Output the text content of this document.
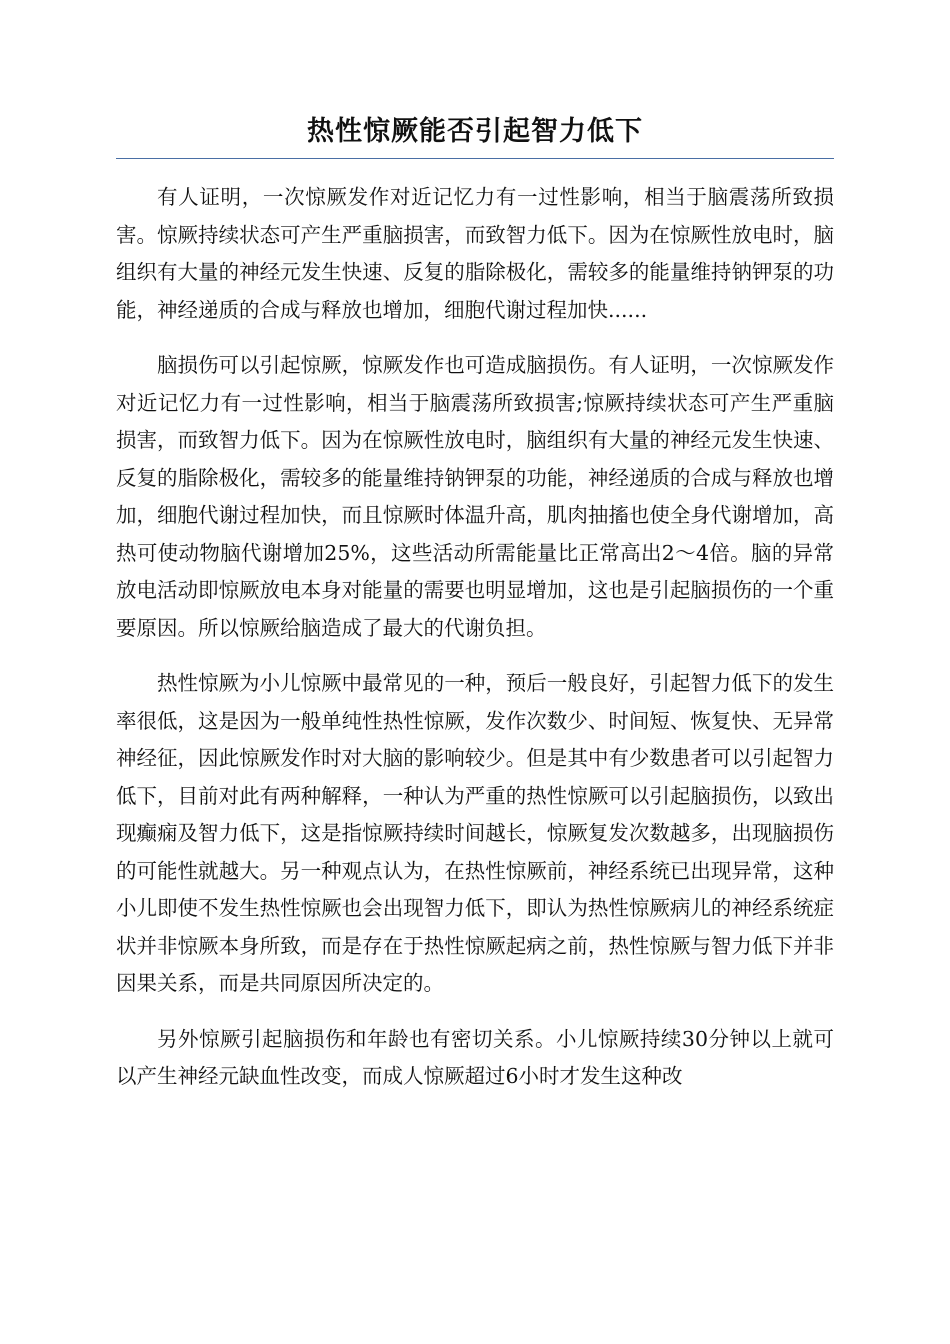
热性惊厥能否引起智力低下

有人证明，一次惊厥发作对近记忆力有一过性影响，相当于脑震荡所致损害。惊厥持续状态可产生严重脑损害，而致智力低下。因为在惊厥性放电时，脑组织有大量的神经元发生快速、反复的脂除极化，需较多的能量维持钠钾泵的功能，神经递质的合成与释放也增加，细胞代谢过程加快......

脑损伤可以引起惊厥，惊厥发作也可造成脑损伤。有人证明，一次惊厥发作对近记忆力有一过性影响，相当于脑震荡所致损害;惊厥持续状态可产生严重脑损害，而致智力低下。因为在惊厥性放电时，脑组织有大量的神经元发生快速、反复的脂除极化，需较多的能量维持钠钾泵的功能，神经递质的合成与释放也增加，细胞代谢过程加快，而且惊厥时体温升高，肌肉抽搐也使全身代谢增加，高热可使动物脑代谢增加25%，这些活动所需能量比正常高出2～4倍。脑的异常放电活动即惊厥放电本身对能量的需要也明显增加，这也是引起脑损伤的一个重要原因。所以惊厥给脑造成了最大的代谢负担。

热性惊厥为小儿惊厥中最常见的一种，预后一般良好，引起智力低下的发生率很低，这是因为一般单纯性热性惊厥，发作次数少、时间短、恢复快、无异常神经征，因此惊厥发作时对大脑的影响较少。但是其中有少数患者可以引起智力低下，目前对此有两种解释，一种认为严重的热性惊厥可以引起脑损伤，以致出现癫痫及智力低下，这是指惊厥持续时间越长，惊厥复发次数越多，出现脑损伤的可能性就越大。另一种观点认为，在热性惊厥前，神经系统已出现异常，这种小儿即使不发生热性惊厥也会出现智力低下，即认为热性惊厥病儿的神经系统症状并非惊厥本身所致，而是存在于热性惊厥起病之前，热性惊厥与智力低下并非因果关系，而是共同原因所决定的。

另外惊厥引起脑损伤和年龄也有密切关系。小儿惊厥持续30分钟以上就可以产生神经元缺血性改变，而成人惊厥超过6小时才发生这种改
